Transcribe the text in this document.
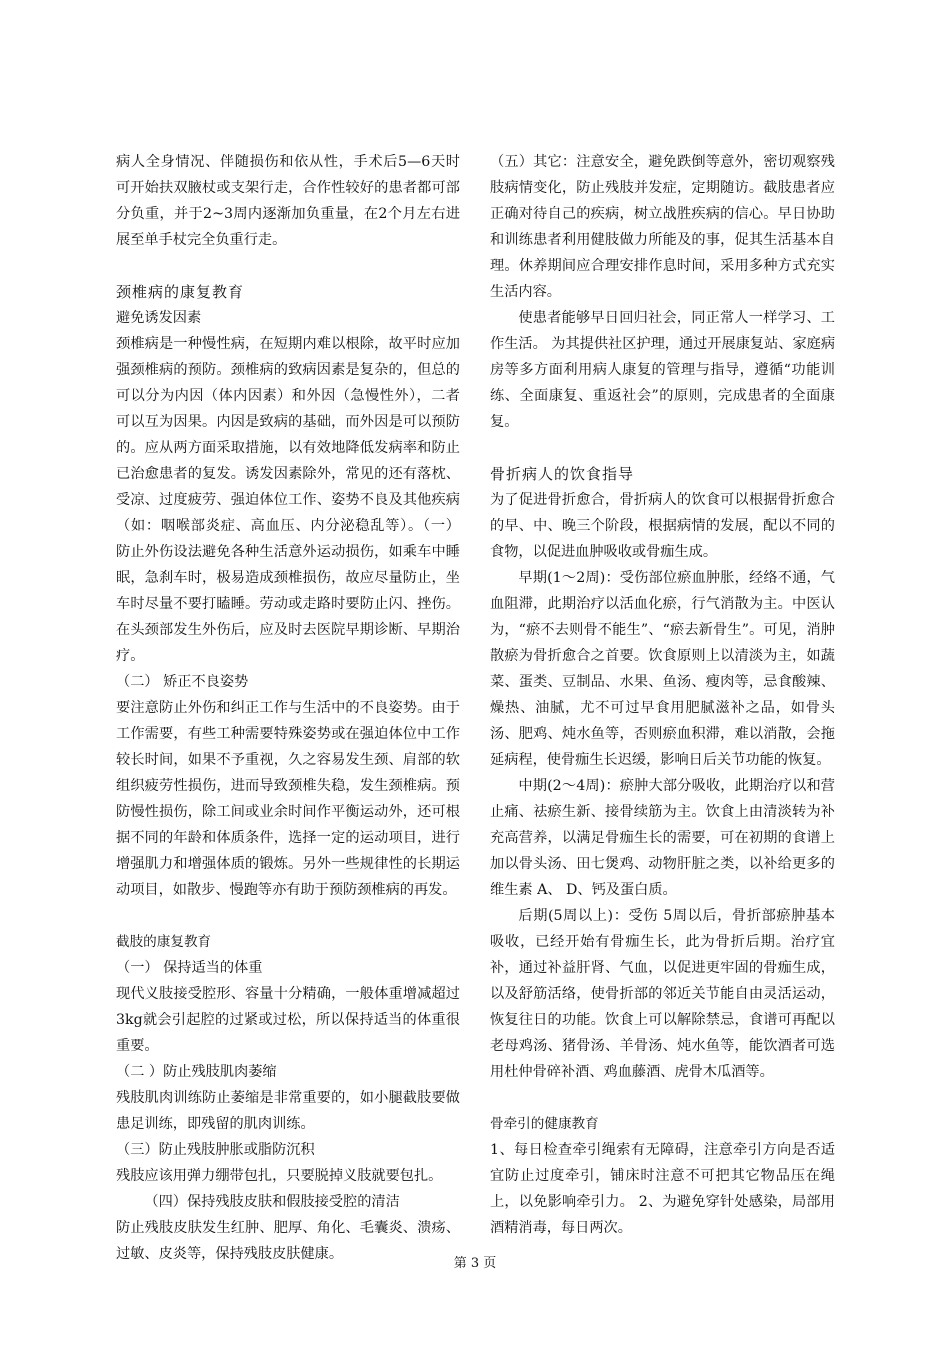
病人全身情况、伴随损伤和依从性，手术后5—6天时可开始扶双腋杖或支架行走，合作性较好的患者都可部分负重，并于2~3周内逐渐加负重量，在2个月左右进展至单手杖完全负重行走。

颈椎病的康复教育

避免诱发因素

颈椎病是一种慢性病，在短期内难以根除，故平时应加强颈椎病的预防。颈椎病的致病因素是复杂的，但总的可以分为内因（体内因素）和外因（急慢性外），二者可以互为因果。内因是致病的基础，而外因是可以预防的。应从两方面采取措施，以有效地降低发病率和防止已治愈患者的复发。诱发因素除外，常见的还有落枕、受凉、过度疲劳、强迫体位工作、姿势不良及其他疾病（如：咽喉部炎症、高血压、内分泌稳乱等）。（一） 防止外伤设法避免各种生活意外运动损伤，如乘车中睡眠，急刹车时，极易造成颈椎损伤，故应尽量防止，坐车时尽量不要打瞌睡。劳动或走路时要防止闪、挫伤。在头颈部发生外伤后，应及时去医院早期诊断、早期治疗。

（二） 矫正不良姿势

要注意防止外伤和纠正工作与生活中的不良姿势。由于工作需要，有些工种需要特殊姿势或在强迫体位中工作较长时间，如果不予重视，久之容易发生颈、肩部的软组织疲劳性损伤，进而导致颈椎失稳，发生颈椎病。预防慢性损伤，除工间或业余时间作平衡运动外，还可根据不同的年龄和体质条件，选择一定的运动项目，进行增强肌力和增强体质的锻炼。另外一些规律性的长期运动项目，如散步、慢跑等亦有助于预防颈椎病的再发。

截肢的康复教育

（一） 保持适当的体重

现代义肢接受腔形、容量十分精确，一般体重增减超过3kg就会引起腔的过紧或过松，所以保持适当的体重很重要。

（二 ）防止残肢肌肉萎缩

残肢肌肉训练防止萎缩是非常重要的，如小腿截肢要做患足训练，即残留的肌肉训练。

（三）防止残肢肿胀或脂防沉积

残肢应该用弹力绷带包扎，只要脱掉义肢就要包扎。

（四）保持残肢皮肤和假肢接受腔的清洁

防止残肢皮肤发生红肿、肥厚、角化、毛囊炎、溃疡、过敏、皮炎等，保持残肢皮肤健康。

（五）其它：注意安全，避免跌倒等意外，密切观察残肢病情变化，防止残肢并发症，定期随访。截肢患者应正确对待自己的疾病，树立战胜疾病的信心。早日协助和训练患者利用健肢做力所能及的事，促其生活基本自理。休养期间应合理安排作息时间，采用多种方式充实生活内容。

使患者能够早日回归社会，同正常人一样学习、工作生活。 为其提供社区护理，通过开展康复站、家庭病房等多方面利用病人康复的管理与指导，遵循“功能训练、全面康复、重返社会”的原则，完成患者的全面康复。

骨折病人的饮食指导

为了促进骨折愈合，骨折病人的饮食可以根据骨折愈合的早、中、晚三个阶段，根据病情的发展，配以不同的食物，以促进血肿吸收或骨痂生成。

早期(1～2周)：受伤部位瘀血肿胀，经络不通，气血阻滞，此期治疗以活血化瘀，行气消散为主。中医认为，“瘀不去则骨不能生”、“瘀去新骨生”。可见，消肿散瘀为骨折愈合之首要。饮食原则上以清淡为主，如蔬菜、蛋类、豆制品、水果、鱼汤、瘦肉等，忌食酸辣、燥热、油腻，尤不可过早食用肥腻滋补之品，如骨头汤、肥鸡、炖水鱼等，否则瘀血积滞，难以消散，会拖延病程，使骨痂生长迟缓，影响日后关节功能的恢复。

中期(2～4周)：瘀肿大部分吸收，此期治疗以和营止痛、祛瘀生新、接骨续筋为主。饮食上由清淡转为补充高营养，以满足骨痂生长的需要，可在初期的食谱上加以骨头汤、田七煲鸡、动物肝脏之类，以补给更多的维生素 A、 D、钙及蛋白质。

后期(5周以上)：受伤 5周以后，骨折部瘀肿基本吸收，已经开始有骨痂生长，此为骨折后期。治疗宜补，通过补益肝肾、气血，以促进更牢固的骨痂生成，以及舒筋活络，使骨折部的邻近关节能自由灵活运动，恢复往日的功能。饮食上可以解除禁忌，食谱可再配以老母鸡汤、猪骨汤、羊骨汤、炖水鱼等，能饮酒者可选用杜仲骨碎补酒、鸡血藤酒、虎骨木瓜酒等。

骨牵引的健康教育

1、每日检查牵引绳索有无障碍，注意牵引方向是否适宜防止过度牵引，铺床时注意不可把其它物品压在绳上，以免影响牵引力。 2、为避免穿针处感染，局部用酒精消毒，每日两次。

第 3 页
